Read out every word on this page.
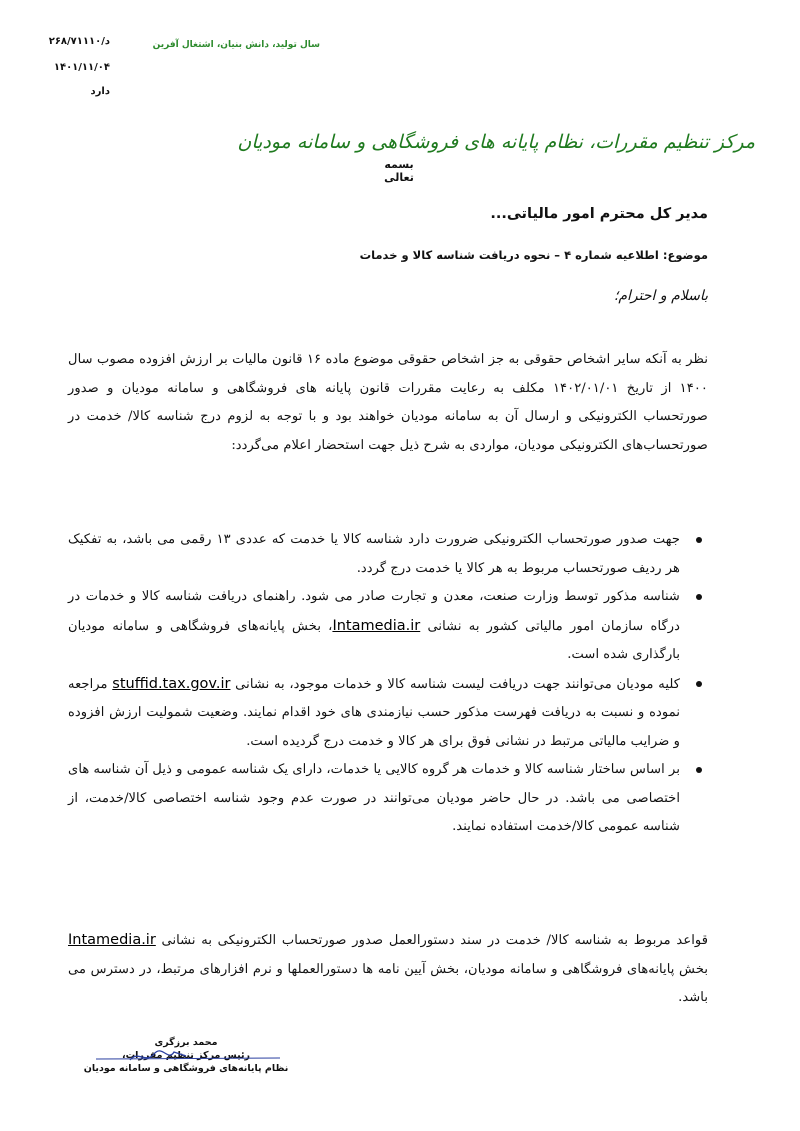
د/۲۶۸/۷۱۱۱۰
۱۴۰۱/۱۱/۰۴
دارد
سال تولید، دانش بنیان، اشتغال آفرین
مرکز تنظیم مقررات، نظام پایانه های فروشگاهی و سامانه مودیان
بسمه تعالی
مدیر کل محترم امور مالیاتی...
موضوع: اطلاعیه شماره ۴ – نحوه دریافت شناسه کالا و خدمات
باسلام و احترام؛
نظر به آنکه سایر اشخاص حقوقی به جز اشخاص حقوقی موضوع ماده ۱۶ قانون مالیات بر ارزش افزوده مصوب سال ۱۴۰۰ از تاریخ ۱۴۰۲/۰۱/۰۱ مکلف به رعایت مقررات قانون پایانه های فروشگاهی و سامانه مودیان و صدور صورتحساب الکترونیکی و ارسال آن به سامانه مودیان خواهند بود و با توجه به لزوم درج شناسه کالا/ خدمت در صورتحساب‌های الکترونیکی مودیان، مواردی به شرح ذیل جهت استحضار اعلام می‌گردد:
جهت صدور صورتحساب الکترونیکی ضرورت دارد شناسه کالا یا خدمت که عددی ۱۳ رقمی می باشد، به تفکیک هر ردیف صورتحساب مربوط به هر کالا یا خدمت درج گردد.
شناسه مذکور توسط وزارت صنعت، معدن و تجارت صادر می شود. راهنمای دریافت شناسه کالا و خدمات در درگاه سازمان امور مالیاتی کشور به نشانی Intamedia.ir، بخش پایانه‌های فروشگاهی و سامانه مودیان بارگذاری شده است.
کلیه مودیان می‌توانند جهت دریافت لیست شناسه کالا و خدمات موجود، به نشانی stuffid.tax.gov.ir مراجعه نموده و نسبت به دریافت فهرست مذکور حسب نیازمندی های خود اقدام نمایند. وضعیت شمولیت ارزش افزوده و ضرایب مالیاتی مرتبط در نشانی فوق برای هر کالا و خدمت درج گردیده است.
بر اساس ساختار شناسه کالا و خدمات هر گروه کالایی یا خدمات، دارای یک شناسه عمومی و ذیل آن شناسه های اختصاصی می باشد. در حال حاضر مودیان می‌توانند در صورت عدم وجود شناسه اختصاصی کالا/خدمت، از شناسه عمومی کالا/خدمت استفاده نمایند.
قواعد مربوط به شناسه کالا/ خدمت در سند دستورالعمل صدور صورتحساب الکترونیکی به نشانی Intamedia.ir بخش پایانه‌های فروشگاهی و سامانه مودیان، بخش آیین نامه ها دستورالعملها و نرم افزارهای مرتبط، در دسترس می باشد.
محمد برزگری
رئیس مرکز تنظیم مقررات،
نظام پایانه‌های فروشگاهی و سامانه مودیان
